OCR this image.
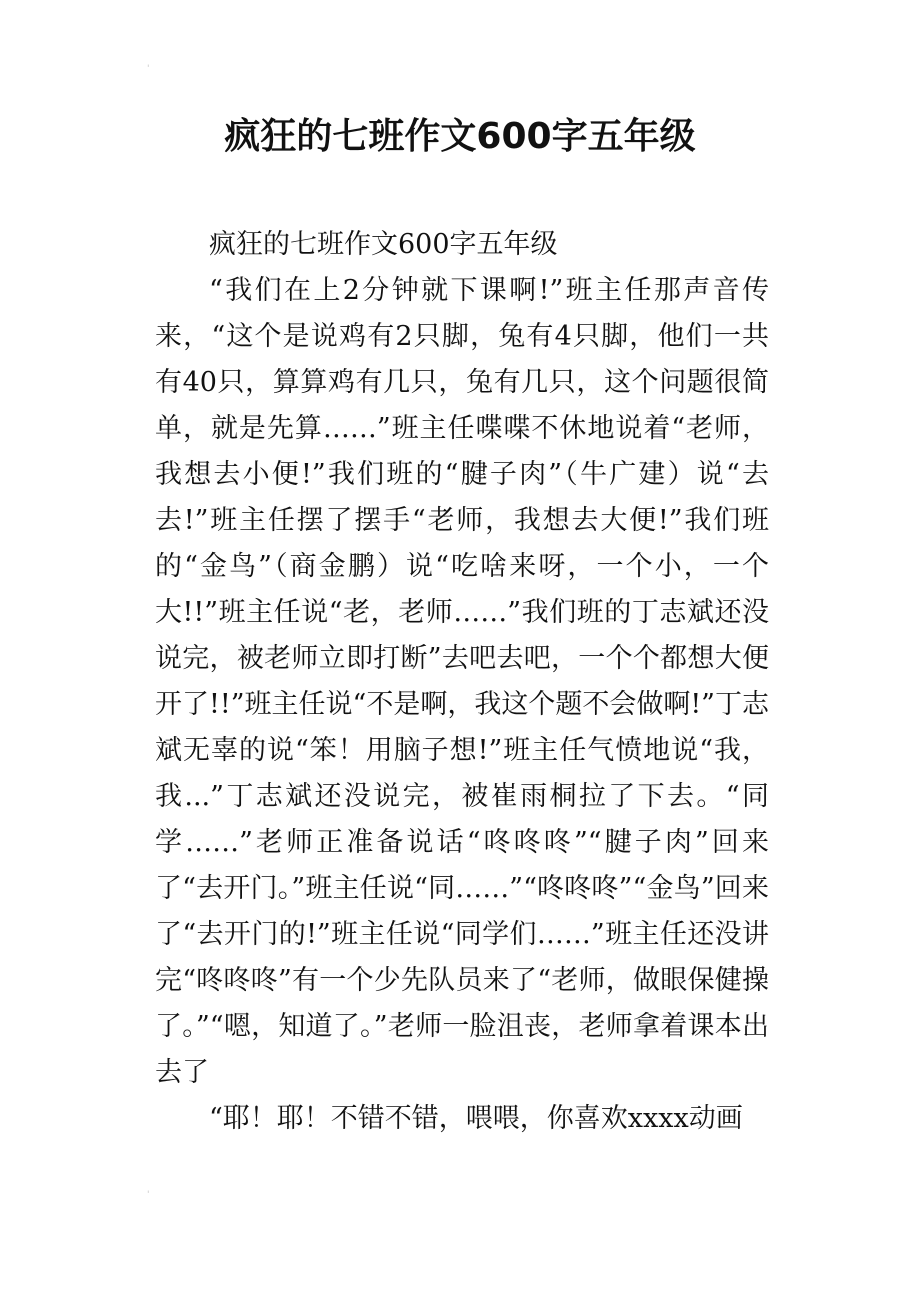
'
'
疯狂的七班作文600字五年级

疯狂的七班作文600字五年级

“我们在上2分钟就下课啊!”班主任那声音传来，“这个是说鸡有2只脚，兔有4只脚，他们一共有40只，算算鸡有几只，兔有几只，这个问题很简单，就是先算……”班主任喋喋不休地说着“老师，我想去小便!”我们班的“腱子肉”（牛广建）说“去去!”班主任摆了摆手“老师，我想去大便!”我们班的“金鸟”（商金鹏）说“吃啥来呀，一个小，一个大!!”班主任说“老，老师……”我们班的丁志斌还没说完，被老师立即打断”去吧去吧，一个个都想大便开了!!”班主任说“不是啊，我这个题不会做啊!”丁志斌无辜的说“笨！用脑子想!”班主任气愤地说“我，我...”丁志斌还没说完，被崔雨桐拉了下去。“同学……”老师正准备说话“咚咚咚”“腱子肉”回来了“去开门。”班主任说“同……”“咚咚咚”“金鸟”回来了“去开门的!”班主任说“同学们……”班主任还没讲完“咚咚咚”有一个少先队员来了“老师，做眼保健操了。”“嗯，知道了。”老师一脸沮丧，老师拿着课本出去了

“耶！耶！不错不错，喂喂，你喜欢xxxx动画
